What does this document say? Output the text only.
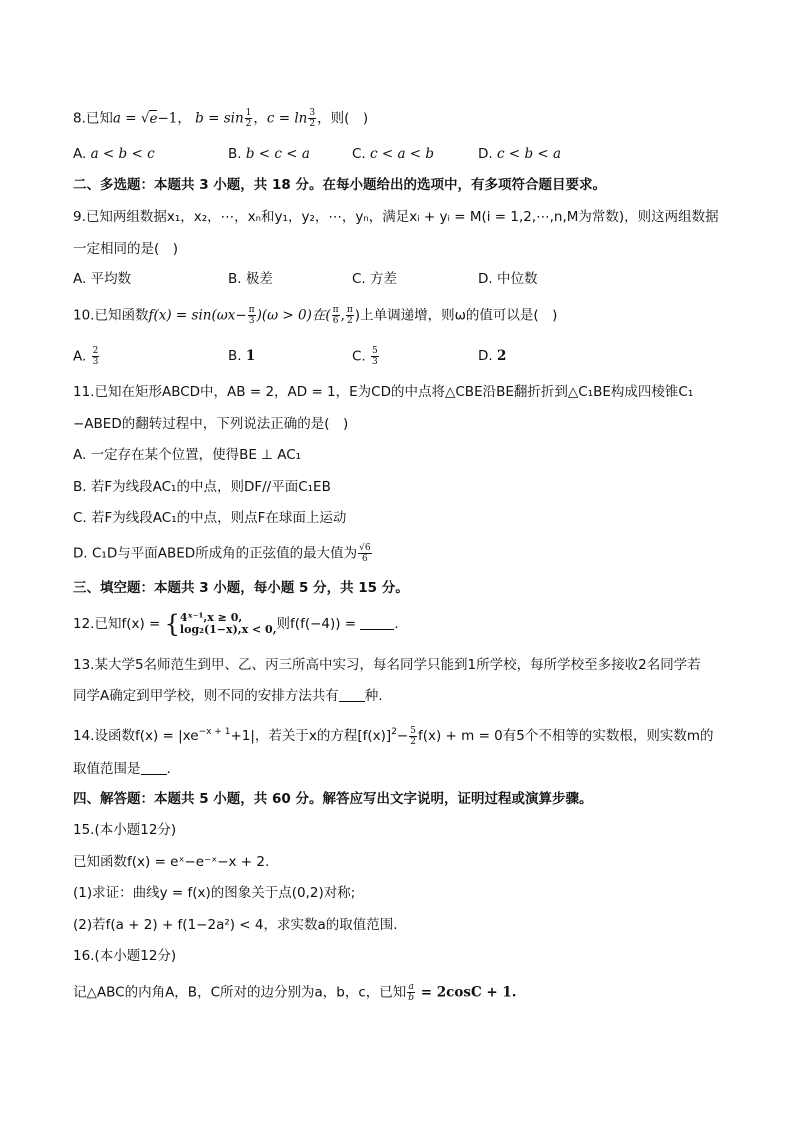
8.已知a = √e−1， $b = \sin \frac{1}{2}$ ，$c = \ln \frac{3}{2}$ ，则(　)
A. a < b < c	B. b < c < a	C. c < a < b	D. c < b < a
二、多选题：本题共 3 小题，共 18 分。在每小题给出的选项中，有多项符合题目要求。
9.已知两组数据x₁，x₂，⋯，xₙ和y₁，y₂，⋯，yₙ，满足xᵢ + yᵢ = M(i = 1,2,⋯,n,M为常数)，则这两组数据
一定相同的是(　)
A. 平均数	B. 极差	C. 方差	D. 中位数
10.已知函数$f(x) = \sin(\omega x- \frac{\pi}{3} )(\omega > 0)$在( $\frac{\pi}{6}$ , $\frac{\pi}{2}$ )上单调递增，则ω的值可以是(　)
A. $\frac{2}{3}$	B. 1	C. $\frac{5}{3}$	D. 2
11.已知在矩形ABCD中，AB = 2，AD = 1，E为CD的中点将△CBE沿BE翻折折到△C₁BE构成四棱锥C₁
−ABED的翻转过程中，下列说法正确的是(　)
A. 一定存在某个位置，使得BE ⊥ AC₁
B. 若F为线段AC₁的中点，则DF//平面C₁EB
C. 若F为线段AC₁的中点，则点F在球面上运动
D. C₁D与平面ABED所成角的正弦值的最大值为 $\frac{√6}{6}$
三、填空题：本题共 3 小题，每小题 5 分，共 15 分。
12.已知f(x) = { 4ˣ⁻¹,x ≥ 0,
log₂(1−x),x < 0, 则f(f(−4)) =	.
13.某大学5名师范生到甲、乙、丙三所高中实习，每名同学只能到1所学校，每所学校至多接收2名同学若
同学A确定到甲学校，则不同的安排方法共有 种.
14.设函数$f(x) = |xe^{-x + 1}+1|$，若关于x的方程$[f(x)]^2- \frac{5}{2} f(x) + m = 0$有5个不相等的实数根，则实数m的
取值范围是 .
四、解答题：本题共 5 小题，共 60 分。解答应写出文字说明，证明过程或演算步骤。
15.(本小题12分)
已知函数f(x) = eˣ−e⁻ˣ−x + 2.
(1)求证：曲线y = f(x)的图象关于点(0,2)对称;
(2)若f(a + 2) + f(1−2a²) < 4，求实数a的取值范围.
16.(本小题12分)
记△ABC的内角A，B，C所对的边分别为a，b，c，已知 $\frac{a}{b} = 2\cos C + 1$.
